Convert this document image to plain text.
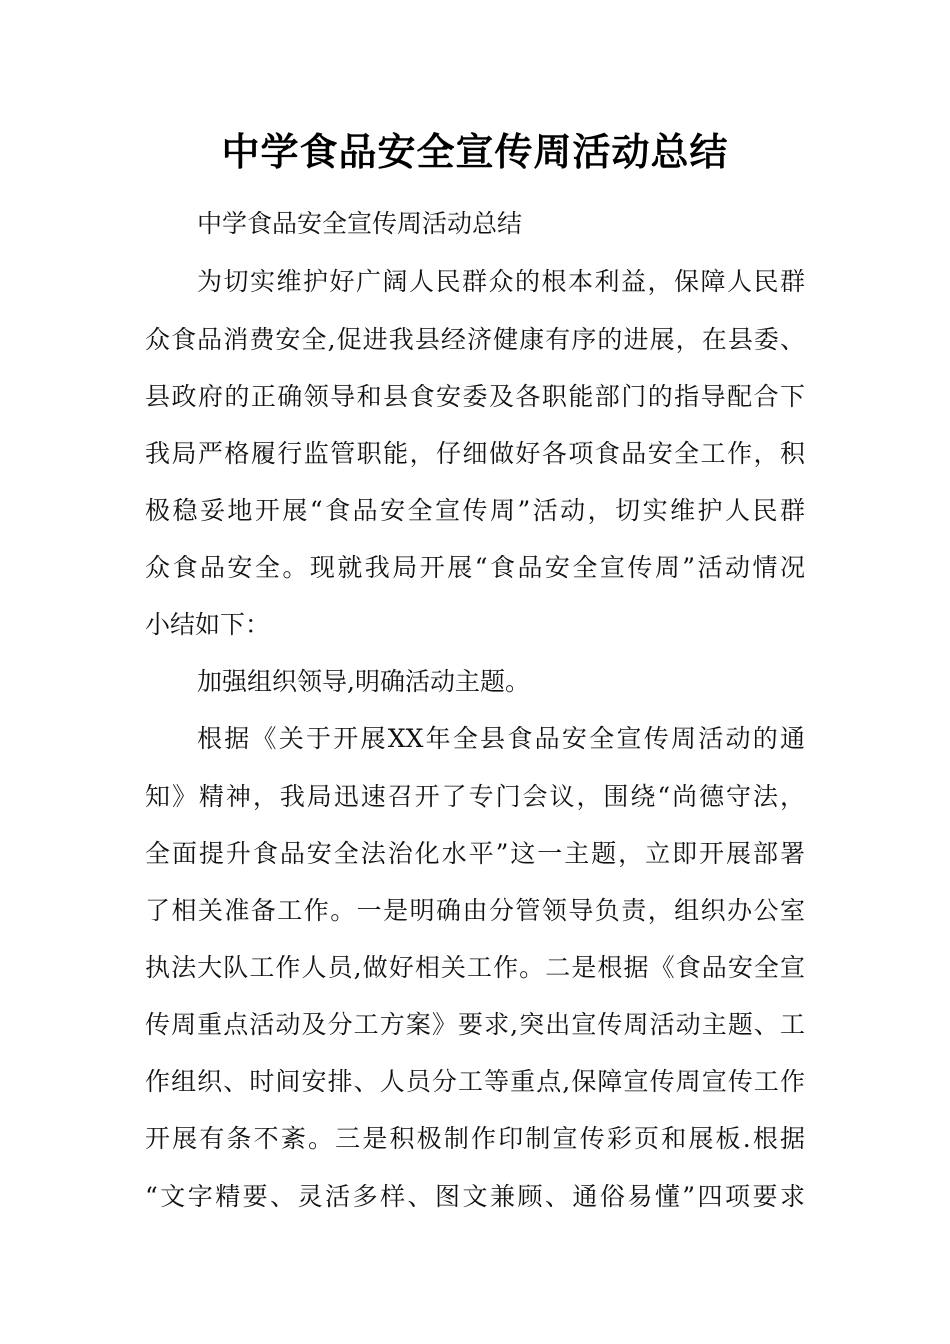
中学食品安全宣传周活动总结
中学食品安全宣传周活动总结
为切实维护好广阔人民群众的根本利益，保障人民群
众食品消费安全,促进我县经济健康有序的进展，在县委、
县政府的正确领导和县食安委及各职能部门的指导配合下
我局严格履行监管职能，仔细做好各项食品安全工作，积
极稳妥地开展“食品安全宣传周”活动，切实维护人民群
众食品安全。现就我局开展“食品安全宣传周”活动情况
小结如下：
加强组织领导,明确活动主题。
根据《关于开展XX年全县食品安全宣传周活动的通
知》精神，我局迅速召开了专门会议，围绕“尚德守法，
全面提升食品安全法治化水平”这一主题，立即开展部署
了相关准备工作。一是明确由分管领导负责，组织办公室
执法大队工作人员,做好相关工作。二是根据《食品安全宣
传周重点活动及分工方案》要求,突出宣传周活动主题、工
作组织、时间安排、人员分工等重点,保障宣传周宣传工作
开展有条不紊。三是积极制作印制宣传彩页和展板.根据
“文字精要、灵活多样、图文兼顾、通俗易懂”四项要求
